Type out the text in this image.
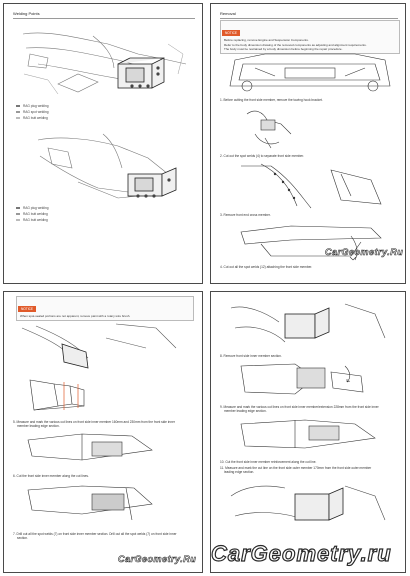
Welding Points
RAG plug welding
RAG spot welding
RAG butt welding
RAG plug welding
RAG butt welding
RAG butt welding
Removal
NOTICE
Before replacing, remove Engine and Suspension Components.
Refer to the body dimension drawing of the removed components as adjusting and alignment requirements.
The body must be restrained by a body dimension before beginning the repair procedure.
1. Before cutting the front side member, remove the towing hook bracket.
2. Cut out the spot welds (4) to separate front side member.
3. Remove front end cross member.
4. Cut out all the spot welds (12) attaching the front side member.
CarGeometry.Ru
NOTICE
When spot-sealed portions are not apparent, remove paint with a rotary wire brush.
5. Measure and mark the various cut lines on front side inner member 160mm and 230mm from the front side inner
member leading edge section.
6. Cut the front side inner member along the cut lines.
7. Drill out all the spot welds (7) on front side inner member section. Drill out all the spot welds (7) on front side inner
section.
CarGeometry.Ru
8. Remove front side inner member section.
9. Measure and mark the various cut lines on front side inner member/extension 228mm from the front side inner
member leading edge section.
10. Cut the front side inner member reinforcement along the cut line.
11. Measure and mark the cut line on the front side outer member 170mm from the front side outer member
leading edge section.
CarGeometry.ru
